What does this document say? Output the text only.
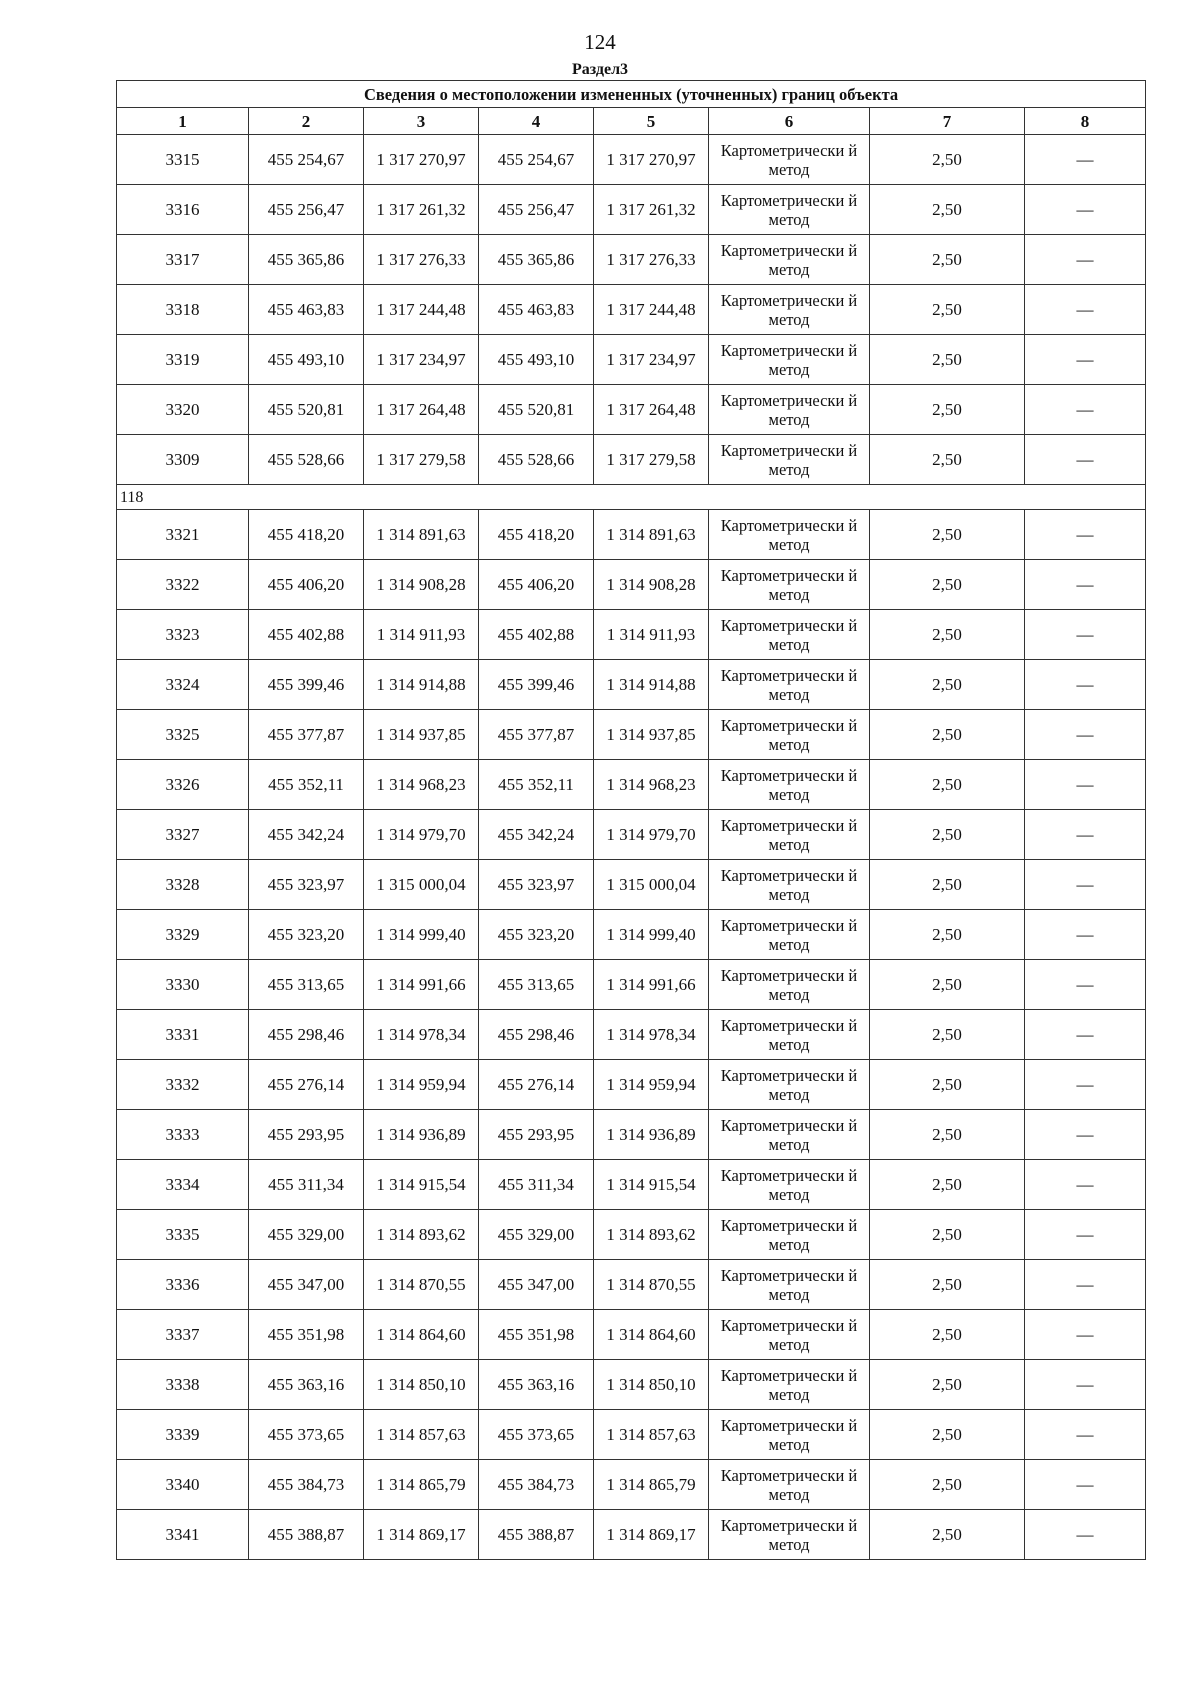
124
Раздел3
Сведения о местоположении измененных (уточненных) границ объекта							
1	2	3	4	5	6	7	8
3315	455 254,67	1 317 270,97	455 254,67	1 317 270,97	Картометрически й метод	2,50	—
3316	455 256,47	1 317 261,32	455 256,47	1 317 261,32	Картометрически й метод	2,50	—
3317	455 365,86	1 317 276,33	455 365,86	1 317 276,33	Картометрически й метод	2,50	—
3318	455 463,83	1 317 244,48	455 463,83	1 317 244,48	Картометрически й метод	2,50	—
3319	455 493,10	1 317 234,97	455 493,10	1 317 234,97	Картометрически й метод	2,50	—
3320	455 520,81	1 317 264,48	455 520,81	1 317 264,48	Картометрически й метод	2,50	—
3309	455 528,66	1 317 279,58	455 528,66	1 317 279,58	Картометрически й метод	2,50	—
118							
3321	455 418,20	1 314 891,63	455 418,20	1 314 891,63	Картометрически й метод	2,50	—
3322	455 406,20	1 314 908,28	455 406,20	1 314 908,28	Картометрически й метод	2,50	—
3323	455 402,88	1 314 911,93	455 402,88	1 314 911,93	Картометрически й метод	2,50	—
3324	455 399,46	1 314 914,88	455 399,46	1 314 914,88	Картометрически й метод	2,50	—
3325	455 377,87	1 314 937,85	455 377,87	1 314 937,85	Картометрически й метод	2,50	—
3326	455 352,11	1 314 968,23	455 352,11	1 314 968,23	Картометрически й метод	2,50	—
3327	455 342,24	1 314 979,70	455 342,24	1 314 979,70	Картометрически й метод	2,50	—
3328	455 323,97	1 315 000,04	455 323,97	1 315 000,04	Картометрически й метод	2,50	—
3329	455 323,20	1 314 999,40	455 323,20	1 314 999,40	Картометрически й метод	2,50	—
3330	455 313,65	1 314 991,66	455 313,65	1 314 991,66	Картометрически й метод	2,50	—
3331	455 298,46	1 314 978,34	455 298,46	1 314 978,34	Картометрически й метод	2,50	—
3332	455 276,14	1 314 959,94	455 276,14	1 314 959,94	Картометрически й метод	2,50	—
3333	455 293,95	1 314 936,89	455 293,95	1 314 936,89	Картометрически й метод	2,50	—
3334	455 311,34	1 314 915,54	455 311,34	1 314 915,54	Картометрически й метод	2,50	—
3335	455 329,00	1 314 893,62	455 329,00	1 314 893,62	Картометрически й метод	2,50	—
3336	455 347,00	1 314 870,55	455 347,00	1 314 870,55	Картометрически й метод	2,50	—
3337	455 351,98	1 314 864,60	455 351,98	1 314 864,60	Картометрически й метод	2,50	—
3338	455 363,16	1 314 850,10	455 363,16	1 314 850,10	Картометрически й метод	2,50	—
3339	455 373,65	1 314 857,63	455 373,65	1 314 857,63	Картометрически й метод	2,50	—
3340	455 384,73	1 314 865,79	455 384,73	1 314 865,79	Картометрически й метод	2,50	—
3341	455 388,87	1 314 869,17	455 388,87	1 314 869,17	Картометрически й метод	2,50	—
